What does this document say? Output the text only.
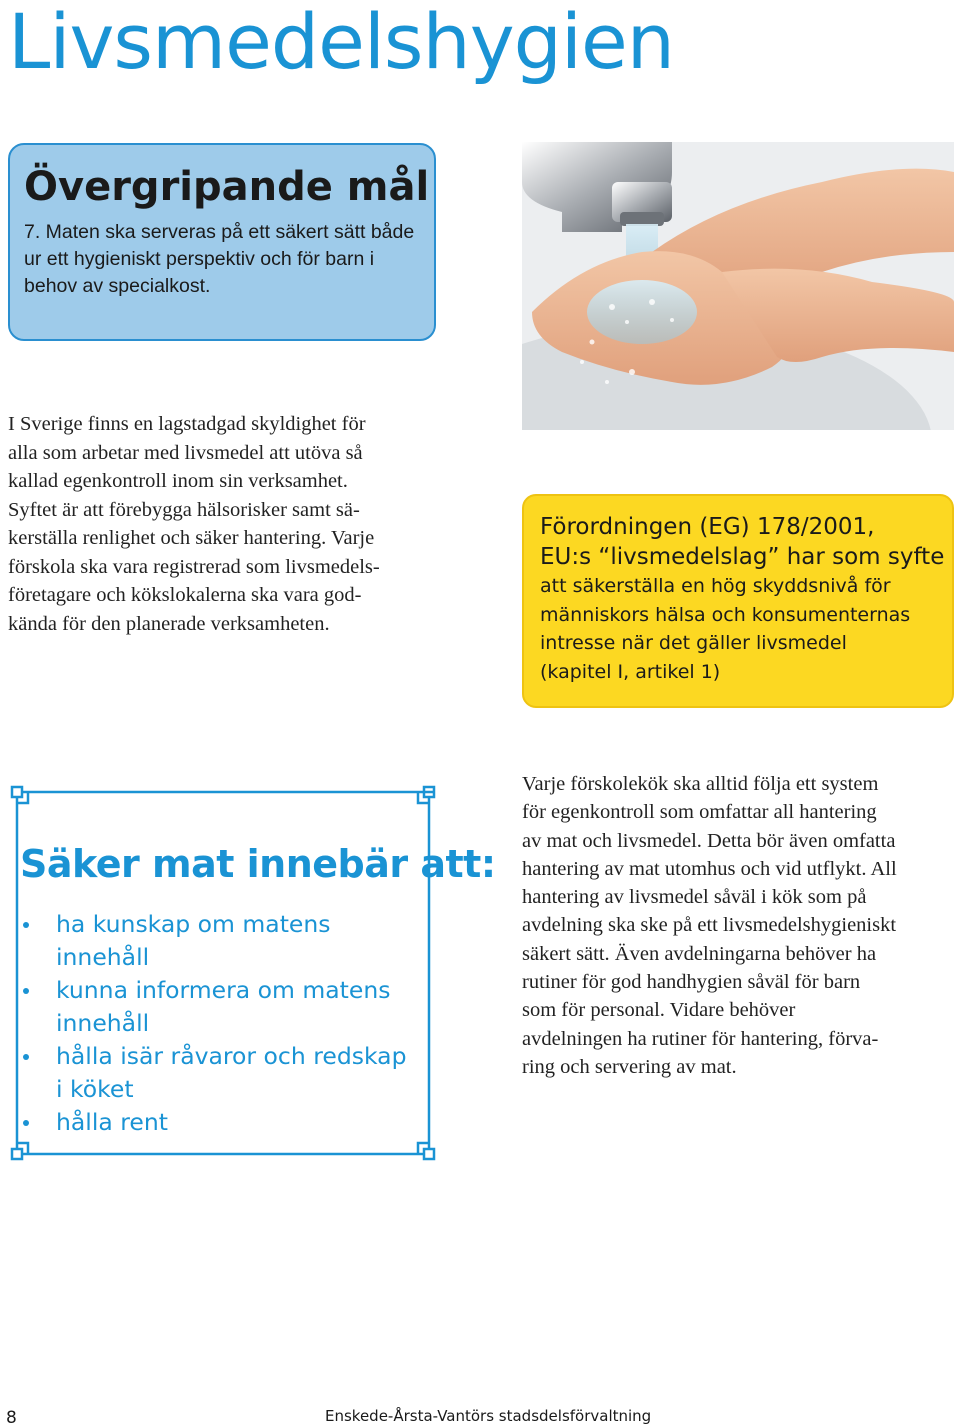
Livsmedelshygien
Övergripande mål

7. Maten ska serveras på ett säkert sätt både ur ett hygieniskt perspektiv och för barn i behov av specialkost.

I Sverige finns en lagstadgad skyldighet för
alla som arbetar med livsmedel att utöva så
kallad egenkontroll inom sin verksamhet.
Syftet är att förebygga hälsorisker samt sä-
kerställa renlighet och säker hantering. Varje
förskola ska vara registrerad som livsmedels-
företagare och kökslokalerna ska vara god-
kända för den planerade verksamheten.

Förordningen (EG) 178/2001,
EU:s “livsmedelslag” har som syfte

att säkerställa en hög skyddsnivå för
människors hälsa och konsumenternas
intresse när det gäller livsmedel
(kapitel I, artikel 1)

Säker mat innebär att:
ha kunskap om matens innehåll
kunna informera om matens innehåll
hålla isär råvaror och redskap i köket
hålla rent

Varje förskolekök ska alltid följa ett system
för egenkontroll som omfattar all hantering
av mat och livsmedel. Detta bör även omfatta
hantering av mat utomhus och vid utflykt. All
hantering av livsmedel såväl i kök som på
avdelning ska ske på ett livsmedelshygieniskt
säkert sätt. Även avdelningarna behöver ha
rutiner för god handhygien såväl för barn
som för personal. Vidare behöver
avdelningen ha rutiner för hantering, förva-
ring och servering av mat.

8	Enskede-Årsta-Vantörs stadsdelsförvaltning
